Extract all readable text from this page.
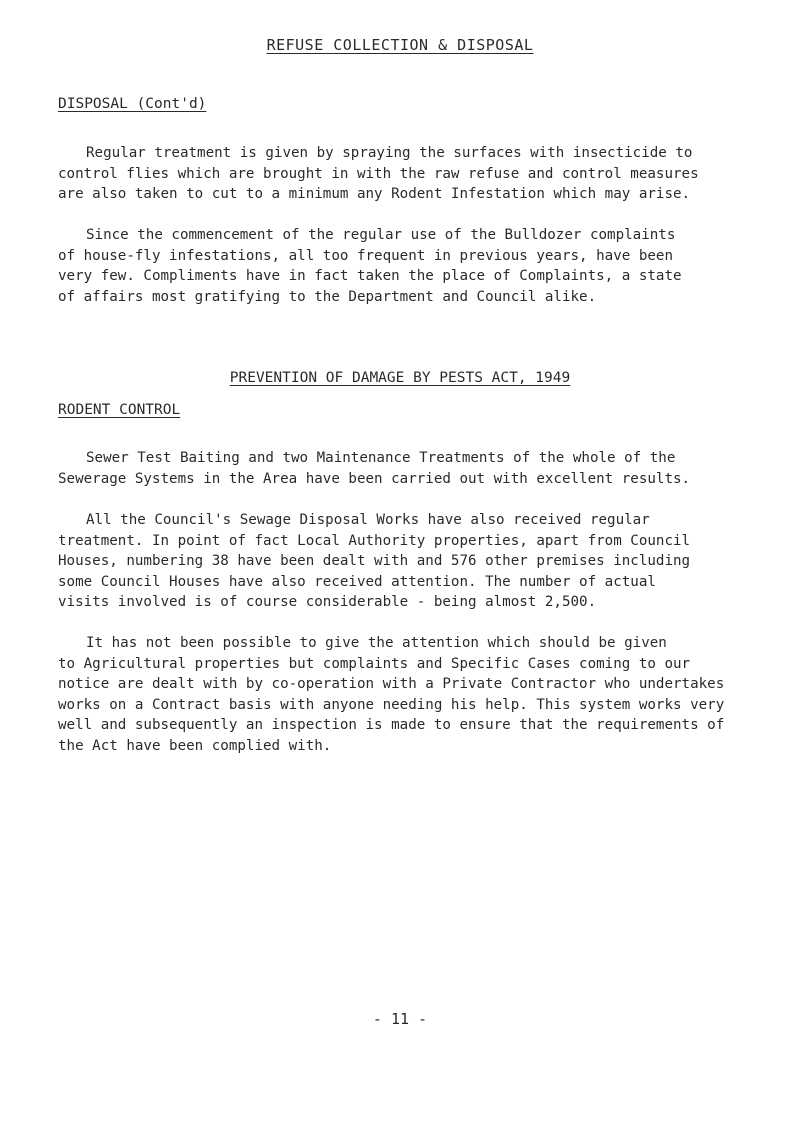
REFUSE COLLECTION & DISPOSAL
DISPOSAL (Cont'd)

Regular treatment is given by spraying the surfaces with insecticide to
control flies which are brought in with the raw refuse and control measures
are also taken to cut to a minimum any Rodent Infestation which may arise.

Since the commencement of the regular use of the Bulldozer complaints
of house-fly infestations, all too frequent in previous years, have been
very few. Compliments have in fact taken the place of Complaints, a state
of affairs most gratifying to the Department and Council alike.

PREVENTION OF DAMAGE BY PESTS ACT, 1949
RODENT CONTROL

Sewer Test Baiting and two Maintenance Treatments of the whole of the
Sewerage Systems in the Area have been carried out with excellent results.

All the Council's Sewage Disposal Works have also received regular
treatment. In point of fact Local Authority properties, apart from Council
Houses, numbering 38 have been dealt with and 576 other premises including
some Council Houses have also received attention. The number of actual
visits involved is of course considerable - being almost 2,500.

It has not been possible to give the attention which should be given
to Agricultural properties but complaints and Specific Cases coming to our
notice are dealt with by co-operation with a Private Contractor who undertakes
works on a Contract basis with anyone needing his help. This system works very
well and subsequently an inspection is made to ensure that the requirements of
the Act have been complied with.

- 11 -
